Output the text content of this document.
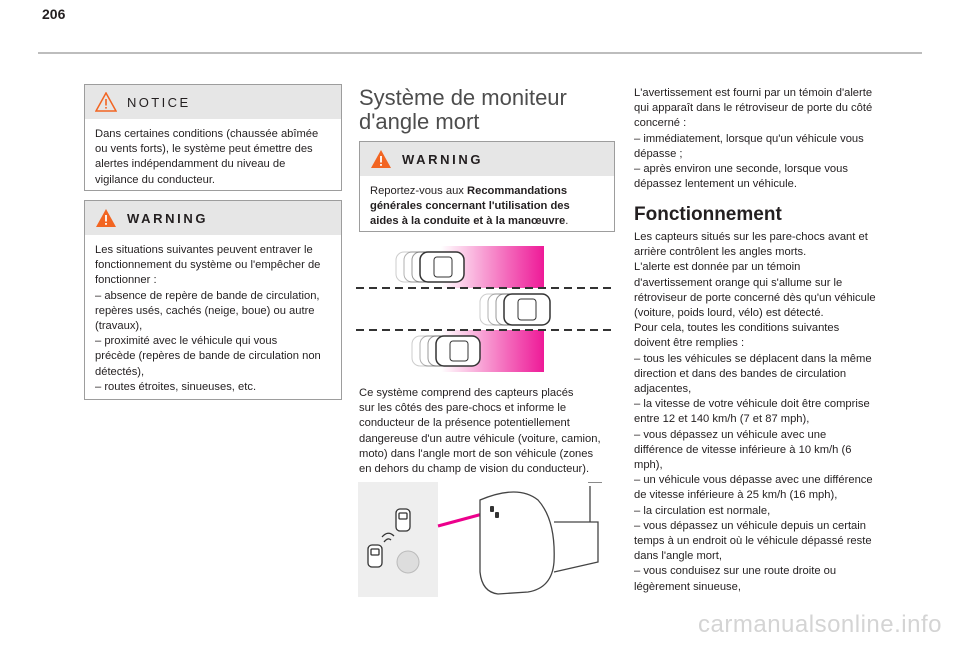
206
NOTICE
Dans certaines conditions (chaussée abîmée
ou vents forts), le système peut émettre des
alertes indépendamment du niveau de
vigilance du conducteur.
WARNING
Les situations suivantes peuvent entraver le
fonctionnement du système ou l'empêcher de
fonctionner :
– absence de repère de bande de circulation,
repères usés, cachés (neige, boue) ou autre
(travaux),
– proximité avec le véhicule qui vous
précède (repères de bande de circulation non
détectés),
– routes étroites, sinueuses, etc.
Système de moniteur
d'angle mort
WARNING
Reportez-vous aux Recommandations
générales concernant l'utilisation des
aides à la conduite et à la manœuvre.
Ce système comprend des capteurs placés
sur les côtés des pare-chocs et informe le
conducteur de la présence potentiellement
dangereuse d'un autre véhicule (voiture, camion,
moto) dans l'angle mort de son véhicule (zones
en dehors du champ de vision du conducteur).
L'avertissement est fourni par un témoin d'alerte
qui apparaît dans le rétroviseur de porte du côté
concerné :
– immédiatement, lorsque qu'un véhicule vous
dépasse ;
– après environ une seconde, lorsque vous
dépassez lentement un véhicule.
Fonctionnement
Les capteurs situés sur les pare-chocs avant et
arrière contrôlent les angles morts.
L'alerte est donnée par un témoin
d'avertissement orange qui s'allume sur le
rétroviseur de porte concerné dès qu'un véhicule
(voiture, poids lourd, vélo) est détecté.
Pour cela, toutes les conditions suivantes
doivent être remplies :
– tous les véhicules se déplacent dans la même
direction et dans des bandes de circulation
adjacentes,
– la vitesse de votre véhicule doit être comprise
entre 12 et 140 km/h (7 et 87 mph),
– vous dépassez un véhicule avec une
différence de vitesse inférieure à 10 km/h (6
mph),
– un véhicule vous dépasse avec une différence
de vitesse inférieure à 25 km/h (16 mph),
– la circulation est normale,
– vous dépassez un véhicule depuis un certain
temps à un endroit où le véhicule dépassé reste
dans l'angle mort,
– vous conduisez sur une route droite ou
légèrement sinueuse,
carmanualsonline.info
